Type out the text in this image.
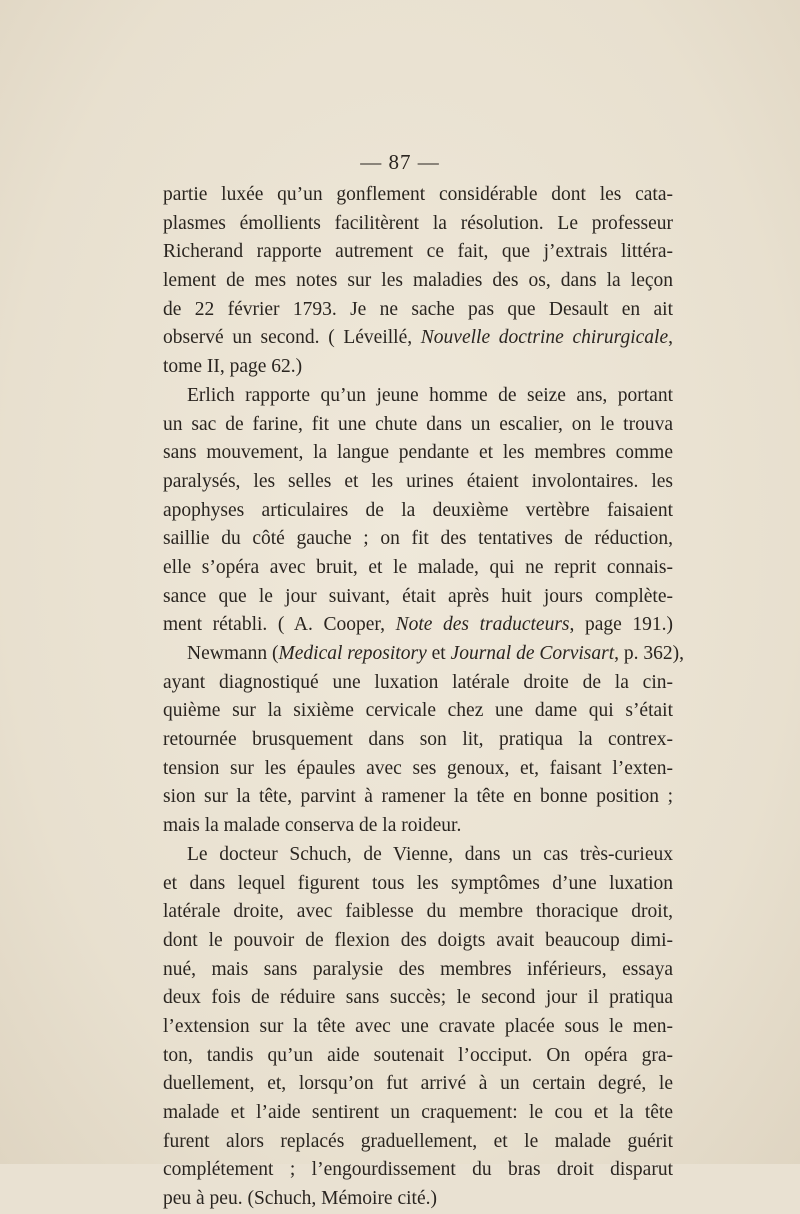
— 87 —
partie luxée qu’un gonflement considérable dont les cata-
plasmes émollients facilitèrent la résolution. Le professeur
Richerand rapporte autrement ce fait, que j’extrais littéra-
lement de mes notes sur les maladies des os, dans la leçon
de 22 février 1793. Je ne sache pas que Desault en ait
observé un second. ( Léveillé, Nouvelle doctrine chirurgicale,
tome II, page 62.)
Erlich rapporte qu’un jeune homme de seize ans, portant
un sac de farine, fit une chute dans un escalier, on le trouva
sans mouvement, la langue pendante et les membres comme
paralysés, les selles et les urines étaient involontaires. les
apophyses articulaires de la deuxième vertèbre faisaient
saillie du côté gauche ; on fit des tentatives de réduction,
elle s’opéra avec bruit, et le malade, qui ne reprit connais-
sance que le jour suivant, était après huit jours complète-
ment rétabli. ( A. Cooper, Note des traducteurs, page 191.)
Newmann (Medical repository et Journal de Corvisart, p. 362),
ayant diagnostiqué une luxation latérale droite de la cin-
quième sur la sixième cervicale chez une dame qui s’était
retournée brusquement dans son lit, pratiqua la contrex-
tension sur les épaules avec ses genoux, et, faisant l’exten-
sion sur la tête, parvint à ramener la tête en bonne position ;
mais la malade conserva de la roideur.
Le docteur Schuch, de Vienne, dans un cas très-curieux
et dans lequel figurent tous les symptômes d’une luxation
latérale droite, avec faiblesse du membre thoracique droit,
dont le pouvoir de flexion des doigts avait beaucoup dimi-
nué, mais sans paralysie des membres inférieurs, essaya
deux fois de réduire sans succès; le second jour il pratiqua
l’extension sur la tête avec une cravate placée sous le men-
ton, tandis qu’un aide soutenait l’occiput. On opéra gra-
duellement, et, lorsqu’on fut arrivé à un certain degré, le
malade et l’aide sentirent un craquement: le cou et la tête
furent alors replacés graduellement, et le malade guérit
complétement ; l’engourdissement du bras droit disparut
peu à peu. (Schuch, Mémoire cité.)
